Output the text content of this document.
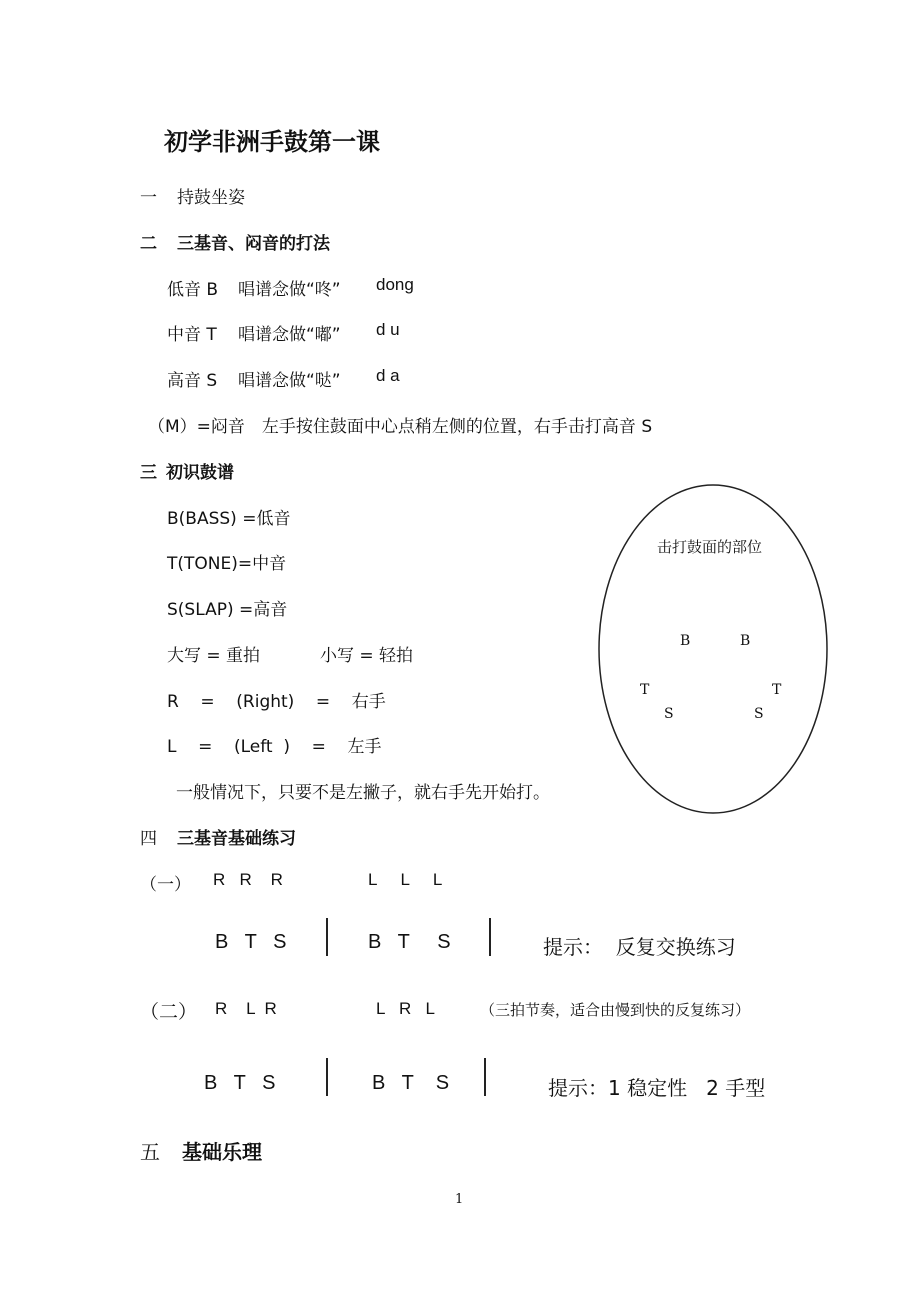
初学非洲手鼓第一课
一 持鼓坐姿
二 三基音、闷音的打法
低音 B 唱谱念做“咚” dong
中音 T 唱谱念做“嘟” d u
高音 S 唱谱念做“哒” d a
（M）=闷音　左手按住鼓面中心点稍左侧的位置，右手击打高音 S
三 初识鼓谱
B(BASS) =低音
T(TONE)=中音
S(SLAP) =高音
大写 = 重拍	小写 = 轻拍
R    =    (Right)    =    右手
L    =    (Left  )    =    左手
一般情况下，只要不是左撇子，就右手先开始打。
击打鼓面的部位
B	B
T	T
S	S
四 三基音基础练习
（一） R   R    R	L     L     L
B   T   S	B   T     S	提示：  反复交换练习
（二） R    L  R	L   R   L	（三拍节奏，适合由慢到快的反复练习）
B   T   S	B   T    S	提示：1 稳定性   2 手型
五 基础乐理
1
